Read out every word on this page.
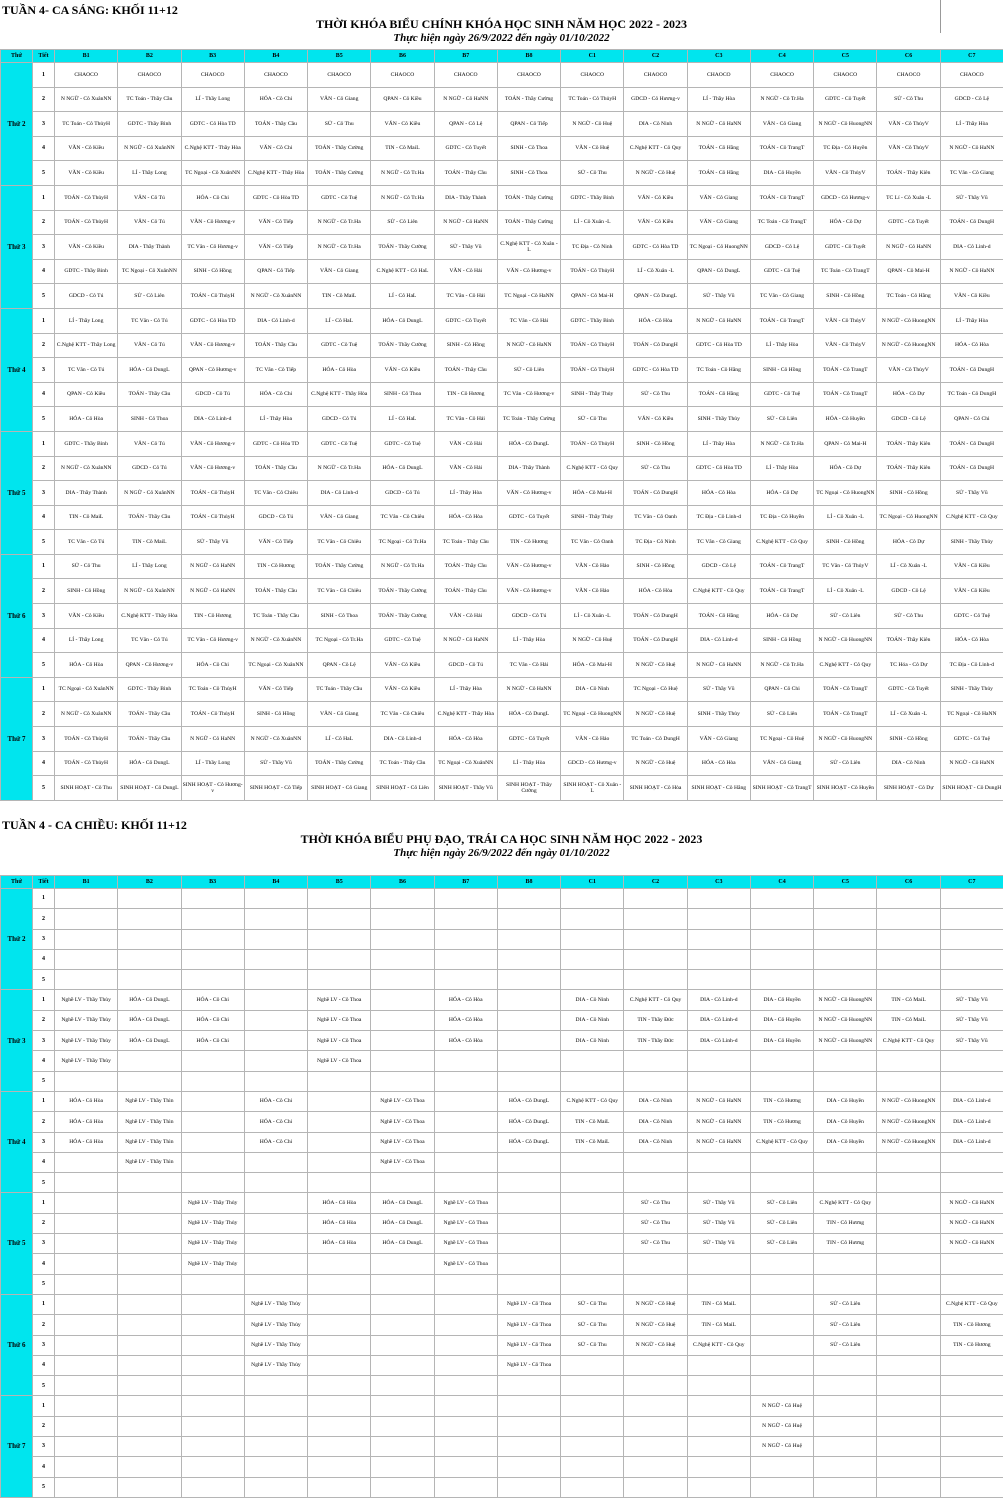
TUẦN 4- CA SÁNG: KHỐI 11+12
THỜI KHÓA BIỂU CHÍNH KHÓA HỌC SINH NĂM HỌC 2022 - 2023
Thực hiện ngày 26/9/2022 đến ngày 01/10/2022
Thứ	Tiết	B1	B2	B3	B4	B5	B6	B7	B8	C1	C2	C3	C4	C5	C6	C7
Thứ 2	1	CHAOCO	CHAOCO	CHAOCO	CHAOCO	CHAOCO	CHAOCO	CHAOCO	CHAOCO	CHAOCO	CHAOCO	CHAOCO	CHAOCO	CHAOCO	CHAOCO	CHAOCO
	2	N NGỮ - Cô XuânNN	TC Toán - Thầy Cầu	LÍ - Thầy Long	HÓA - Cô Chi	VĂN - Cô Giang	QPAN - Cô Kiều	N NGỮ - Cô HaNN	TOÁN - Thầy Cường	TC Toán - Cô ThủyH	GDCD - Cô Hương-v	LÍ - Thầy Hòa	N NGỮ - Cô Tr.Ha	GDTC - Cô Tuyết	SỬ - Cô Thu	GDCD - Cô Lệ
	3	TC Toán - Cô ThủyH	GDTC - Thầy Bình	GDTC - Cô Hòa TD	TOÁN - Thầy Cầu	SỬ - Cô Thu	VĂN - Cô Kiều	QPAN - Cô Lệ	QPAN - Cô Tiếp	N NGỮ - Cô Huệ	DIA - Cô Ninh	N NGỮ - Cô HaNN	VĂN - Cô Giang	N NGỮ - Cô HuongNN	VĂN - Cô ThủyV	LÍ - Thầy Hòa
	4	VĂN - Cô Kiều	N NGỮ - Cô XuânNN	C.Nghệ KTT - Thầy Hòa	VĂN - Cô Chi	TOÁN - Thầy Cường	TIN - Cô MaiL	GDTC - Cô Tuyết	SINH - Cô Thoa	VĂN - Cô Huệ	C.Nghệ KTT - Cô Quy	TOÁN - Cô Hằng	TOÁN - Cô TrangT	TC Địa - Cô Huyền	VĂN - Cô ThủyV	N NGỮ - Cô HaNN
	5	VĂN - Cô Kiều	LÍ - Thầy Long	TC Ngoại - Cô XuânNN	C.Nghệ KTT - Thầy Hòa	TOÁN - Thầy Cường	N NGỮ - Cô Tr.Ha	TOÁN - Thầy Cầu	SINH - Cô Thoa	SỬ - Cô Thu	N NGỮ - Cô Huệ	TOÁN - Cô Hằng	DIA - Cô Huyền	VĂN - Cô ThủyV	TOÁN - Thầy Kiên	TC Văn - Cô Giang
Thứ 3	1	TOÁN - Cô ThủyH	VĂN - Cô Tú	HÓA - Cô Chi	GDTC - Cô Hòa TD	GDTC - Cô Tuệ	N NGỮ - Cô Tr.Ha	DIA - Thầy Thành	TOÁN - Thầy Cường	GDTC - Thầy Bình	VĂN - Cô Kiều	VĂN - Cô Giang	TOÁN - Cô TrangT	GDCD - Cô Hương-v	TC Lí - Cô Xuân -L	SỬ - Thầy Vũ
	2	TOÁN - Cô ThủyH	VĂN - Cô Tú	VĂN - Cô Hương-v	VĂN - Cô Tiếp	N NGỮ - Cô Tr.Ha	SỬ - Cô Liên	N NGỮ - Cô HaNN	TOÁN - Thầy Cường	LÍ - Cô Xuân -L	VĂN - Cô Kiều	VĂN - Cô Giang	TC Toán - Cô TrangT	HÓA - Cô Dự	GDTC - Cô Tuyết	TOÁN - Cô DungH
	3	VĂN - Cô Kiều	DIA - Thầy Thành	TC Văn - Cô Hương-v	VĂN - Cô Tiếp	N NGỮ - Cô Tr.Ha	TOÁN - Thầy Cường	SỬ - Thầy Vũ	C.Nghệ KTT - Cô Xuân -L	TC Địa - Cô Ninh	GDTC - Cô Hòa TD	TC Ngoại - Cô HuongNN	GDCD - Cô Lệ	GDTC - Cô Tuyết	N NGỮ - Cô HaNN	DIA - Cô Linh-d
	4	GDTC - Thầy Bình	TC Ngoại - Cô XuânNN	SINH - Cô Hồng	QPAN - Cô Tiếp	VĂN - Cô Giang	C.Nghệ KTT - Cô HaL	VĂN - Cô Hải	VĂN - Cô Hương-v	TOÁN - Cô ThủyH	LÍ - Cô Xuân -L	QPAN - Cô DungL	GDTC - Cô Tuệ	TC Toán - Cô TrangT	QPAN - Cô Mai-H	N NGỮ - Cô HaNN
	5	GDCD - Cô Tú	SỬ - Cô Liên	TOÁN - Cô ThủyH	N NGỮ - Cô XuânNN	TIN - Cô MaiL	LÍ - Cô HaL	TC Văn - Cô Hải	TC Ngoại - Cô HaNN	QPAN - Cô Mai-H	QPAN - Cô DungL	SỬ - Thầy Vũ	TC Văn - Cô Giang	SINH - Cô Hồng	TC Toán - Cô Hằng	VĂN - Cô Kiều
Thứ 4	1	LÍ - Thầy Long	TC Văn - Cô Tú	GDTC - Cô Hòa TD	DIA - Cô Linh-d	LÍ - Cô HaL	HÓA - Cô DungL	GDTC - Cô Tuyết	TC Văn - Cô Hải	GDTC - Thầy Bình	HÓA - Cô Hòa	N NGỮ - Cô HaNN	TOÁN - Cô TrangT	VĂN - Cô ThủyV	N NGỮ - Cô HuongNN	LÍ - Thầy Hòa
	2	C.Nghệ KTT - Thầy Long	VĂN - Cô Tú	VĂN - Cô Hương-v	TOÁN - Thầy Cầu	GDTC - Cô Tuệ	TOÁN - Thầy Cường	SINH - Cô Hồng	N NGỮ - Cô HaNN	TOÁN - Cô ThủyH	TOÁN - Cô DungH	GDTC - Cô Hòa TD	LÍ - Thầy Hòa	VĂN - Cô ThủyV	N NGỮ - Cô HuongNN	HÓA - Cô Hòa
	3	TC Văn - Cô Tú	HÓA - Cô DungL	QPAN - Cô Hương-v	TC Văn - Cô Tiếp	HÓA - Cô Hòa	VĂN - Cô Kiều	TOÁN - Thầy Cầu	SỬ - Cô Liên	TOÁN - Cô ThủyH	GDTC - Cô Hòa TD	TC Toán - Cô Hằng	SINH - Cô Hồng	TOÁN - Cô TrangT	VĂN - Cô ThủyV	TOÁN - Cô DungH
	4	QPAN - Cô Kiều	TOÁN - Thầy Cầu	GDCD - Cô Tú	HÓA - Cô Chi	C.Nghệ KTT - Thầy Hòa	SINH - Cô Thoa	TIN - Cô Hương	TC Văn - Cô Hương-v	SINH - Thầy Thủy	SỬ - Cô Thu	TOÁN - Cô Hằng	GDTC - Cô Tuệ	TOÁN - Cô TrangT	HÓA - Cô Dự	TC Toán - Cô DungH
	5	HÓA - Cô Hòa	SINH - Cô Thoa	DIA - Cô Linh-d	LÍ - Thầy Hòa	GDCD - Cô Tú	LÍ - Cô HaL	TC Văn - Cô Hải	TC Toán - Thầy Cường	SỬ - Cô Thu	VĂN - Cô Kiều	SINH - Thầy Thủy	SỬ - Cô Liên	HÓA - Cô Huyền	GDCD - Cô Lệ	QPAN - Cô Chi
Thứ 5	1	GDTC - Thầy Bình	VĂN - Cô Tú	VĂN - Cô Hương-v	GDTC - Cô Hòa TD	GDTC - Cô Tuệ	GDTC - Cô Tuệ	VĂN - Cô Hải	HÓA - Cô DungL	TOÁN - Cô ThủyH	SINH - Cô Hồng	LÍ - Thầy Hòa	N NGỮ - Cô Tr.Ha	QPAN - Cô Mai-H	TOÁN - Thầy Kiên	TOÁN - Cô DungH
	2	N NGỮ - Cô XuânNN	GDCD - Cô Tú	VĂN - Cô Hương-v	TOÁN - Thầy Cầu	N NGỮ - Cô Tr.Ha	HÓA - Cô DungL	VĂN - Cô Hải	DIA - Thầy Thành	C.Nghệ KTT - Cô Quy	SỬ - Cô Thu	GDTC - Cô Hòa TD	LÍ - Thầy Hòa	HÓA - Cô Dự	TOÁN - Thầy Kiên	TOÁN - Cô DungH
	3	DIA - Thầy Thành	N NGỮ - Cô XuânNN	TOÁN - Cô ThủyH	TC Văn - Cô Chiêu	DIA - Cô Linh-d	GDCD - Cô Tú	LÍ - Thầy Hòa	VĂN - Cô Hương-v	HÓA - Cô Mai-H	TOÁN - Cô DungH	HÓA - Cô Hòa	HÓA - Cô Dự	TC Ngoại - Cô HuongNN	SINH - Cô Hồng	SỬ - Thầy Vũ
	4	TIN - Cô MaiL	TOÁN - Thầy Cầu	TOÁN - Cô ThủyH	GDCD - Cô Tú	VĂN - Cô Giang	TC Văn - Cô Chiêu	HÓA - Cô Hòa	GDTC - Cô Tuyết	SINH - Thầy Thủy	TC Văn - Cô Oanh	TC Địa - Cô Linh-d	TC Địa - Cô Huyền	LÍ - Cô Xuân -L	TC Ngoại - Cô HuongNN	C.Nghệ KTT - Cô Quy
	5	TC Văn - Cô Tú	TIN - Cô MaiL	SỬ - Thầy Vũ	VĂN - Cô Tiếp	TC Văn - Cô Chiêu	TC Ngoại - Cô Tr.Ha	TC Toán - Thầy Cầu	TIN - Cô Hương	TC Văn - Cô Oanh	TC Địa - Cô Ninh	TC Văn - Cô Giang	C.Nghệ KTT - Cô Quy	SINH - Cô Hồng	HÓA - Cô Dự	SINH - Thầy Thủy
Thứ 6	1	SỬ - Cô Thu	LÍ - Thầy Long	N NGỮ - Cô HaNN	TIN - Cô Hương	TOÁN - Thầy Cường	N NGỮ - Cô Tr.Ha	TOÁN - Thầy Cầu	VĂN - Cô Hương-v	VĂN - Cô Hảo	SINH - Cô Hồng	GDCD - Cô Lệ	TOÁN - Cô TrangT	TC Văn - Cô ThủyV	LÍ - Cô Xuân -L	VĂN - Cô Kiều
	2	SINH - Cô Hồng	N NGỮ - Cô XuânNN	N NGỮ - Cô HaNN	TOÁN - Thầy Cầu	TC Văn - Cô Chiêu	TOÁN - Thầy Cường	TOÁN - Thầy Cầu	VĂN - Cô Hương-v	VĂN - Cô Hảo	HÓA - Cô Hòa	C.Nghệ KTT - Cô Quy	TOÁN - Cô TrangT	LÍ - Cô Xuân -L	GDCD - Cô Lệ	VĂN - Cô Kiều
	3	VĂN - Cô Kiều	C.Nghệ KTT - Thầy Hòa	TIN - Cô Hương	TC Toán - Thầy Cầu	SINH - Cô Thoa	TOÁN - Thầy Cường	VĂN - Cô Hải	GDCD - Cô Tú	LÍ - Cô Xuân -L	TOÁN - Cô DungH	TOÁN - Cô Hằng	HÓA - Cô Dự	SỬ - Cô Liên	SỬ - Cô Thu	GDTC - Cô Tuệ
	4	LÍ - Thầy Long	TC Văn - Cô Tú	TC Văn - Cô Hương-v	N NGỮ - Cô XuânNN	TC Ngoại - Cô Tr.Ha	GDTC - Cô Tuệ	N NGỮ - Cô HaNN	LÍ - Thầy Hòa	N NGỮ - Cô Huệ	TOÁN - Cô DungH	DIA - Cô Linh-d	SINH - Cô Hồng	N NGỮ - Cô HuongNN	TOÁN - Thầy Kiên	HÓA - Cô Hòa
	5	HÓA - Cô Hòa	QPAN - Cô Hương-v	HÓA - Cô Chi	TC Ngoại - Cô XuânNN	QPAN - Cô Lệ	VĂN - Cô Kiều	GDCD - Cô Tú	TC Văn - Cô Hải	HÓA - Cô Mai-H	N NGỮ - Cô Huệ	N NGỮ - Cô HaNN	N NGỮ - Cô Tr.Ha	C.Nghệ KTT - Cô Quy	TC Hóa - Cô Dự	TC Địa - Cô Linh-d
Thứ 7	1	TC Ngoại - Cô XuânNN	GDTC - Thầy Bình	TC Toán - Cô ThủyH	VĂN - Cô Tiếp	TC Toán - Thầy Cầu	VĂN - Cô Kiều	LÍ - Thầy Hòa	N NGỮ - Cô HaNN	DIA - Cô Ninh	TC Ngoại - Cô Huệ	SỬ - Thầy Vũ	QPAN - Cô Chi	TOÁN - Cô TrangT	GDTC - Cô Tuyết	SINH - Thầy Thủy
	2	N NGỮ - Cô XuânNN	TOÁN - Thầy Cầu	TOÁN - Cô ThủyH	SINH - Cô Hồng	VĂN - Cô Giang	TC Văn - Cô Chiêu	C.Nghệ KTT - Thầy Hòa	HÓA - Cô DungL	TC Ngoại - Cô HuongNN	N NGỮ - Cô Huệ	SINH - Thầy Thủy	SỬ - Cô Liên	TOÁN - Cô TrangT	LÍ - Cô Xuân -L	TC Ngoại - Cô HaNN
	3	TOÁN - Cô ThủyH	TOÁN - Thầy Cầu	N NGỮ - Cô HaNN	N NGỮ - Cô XuânNN	LÍ - Cô HaL	DIA - Cô Linh-d	HÓA - Cô Hòa	GDTC - Cô Tuyết	VĂN - Cô Hảo	TC Toán - Cô DungH	VĂN - Cô Giang	TC Ngoại - Cô Huệ	N NGỮ - Cô HuongNN	SINH - Cô Hồng	GDTC - Cô Tuệ
	4	TOÁN - Cô ThủyH	HÓA - Cô DungL	LÍ - Thầy Long	SỬ - Thầy Vũ	TOÁN - Thầy Cường	TC Toán - Thầy Cầu	TC Ngoại - Cô XuânNN	LÍ - Thầy Hòa	GDCD - Cô Hương-v	N NGỮ - Cô Huệ	HÓA - Cô Hòa	VĂN - Cô Giang	SỬ - Cô Liên	DIA - Cô Ninh	N NGỮ - Cô HaNN
	5	SINH HOẠT - Cô Thu	SINH HOẠT - Cô DungL	SINH HOẠT - Cô Hương-v	SINH HOẠT - Cô Tiếp	SINH HOẠT - Cô Giang	SINH HOẠT - Cô Liên	SINH HOẠT - Thầy Vũ	SINH HOẠT - Thầy Cường	SINH HOẠT - Cô Xuân -L	SINH HOẠT - Cô Hòa	SINH HOẠT - Cô Hằng	SINH HOẠT - Cô TrangT	SINH HOẠT - Cô Huyền	SINH HOẠT - Cô Dự	SINH HOẠT - Cô DungH
TUẦN 4 - CA CHIỀU: KHỐI 11+12
THỜI KHÓA BIỂU PHỤ ĐẠO, TRÁI CA HỌC SINH NĂM HỌC 2022 - 2023
Thực hiện ngày 26/9/2022 đến ngày 01/10/2022
Thứ	Tiết	B1	B2	B3	B4	B5	B6	B7	B8	C1	C2	C3	C4	C5	C6	C7
Thứ 2	1															
	2															
	3															
	4															
	5															
Thứ 3	1	Nghề LV - Thầy Thủy	HÓA - Cô DungL	HÓA - Cô Chi		Nghề LV - Cô Thoa		HÓA - Cô Hòa		DIA - Cô Ninh	C.Nghệ KTT - Cô Quy	DIA - Cô Linh-d	DIA - Cô Huyền	N NGỮ - Cô HuongNN	TIN - Cô MaiL	SỬ - Thầy Vũ
	2	Nghề LV - Thầy Thủy	HÓA - Cô DungL	HÓA - Cô Chi		Nghề LV - Cô Thoa		HÓA - Cô Hòa		DIA - Cô Ninh	TIN - Thầy Đức	DIA - Cô Linh-d	DIA - Cô Huyền	N NGỮ - Cô HuongNN	TIN - Cô MaiL	SỬ - Thầy Vũ
	3	Nghề LV - Thầy Thủy	HÓA - Cô DungL	HÓA - Cô Chi		Nghề LV - Cô Thoa		HÓA - Cô Hòa		DIA - Cô Ninh	TIN - Thầy Đức	DIA - Cô Linh-d	DIA - Cô Huyền	N NGỮ - Cô HuongNN	C.Nghệ KTT - Cô Quy	SỬ - Thầy Vũ
	4	Nghề LV - Thầy Thủy				Nghề LV - Cô Thoa										
	5															
Thứ 4	1	HÓA - Cô Hòa	Nghề LV - Thầy Thìn		HÓA - Cô Chi		Nghề LV - Cô Thoa		HÓA - Cô DungL	C.Nghệ KTT - Cô Quy	DIA - Cô Ninh	N NGỮ - Cô HaNN	TIN - Cô Hương	DIA - Cô Huyền	N NGỮ - Cô HuongNN	DIA - Cô Linh-d
	2	HÓA - Cô Hòa	Nghề LV - Thầy Thìn		HÓA - Cô Chi		Nghề LV - Cô Thoa		HÓA - Cô DungL	TIN - Cô MaiL	DIA - Cô Ninh	N NGỮ - Cô HaNN	TIN - Cô Hương	DIA - Cô Huyền	N NGỮ - Cô HuongNN	DIA - Cô Linh-d
	3	HÓA - Cô Hòa	Nghề LV - Thầy Thìn		HÓA - Cô Chi		Nghề LV - Cô Thoa		HÓA - Cô DungL	TIN - Cô MaiL	DIA - Cô Ninh	N NGỮ - Cô HaNN	C.Nghệ KTT - Cô Quy	DIA - Cô Huyền	N NGỮ - Cô HuongNN	DIA - Cô Linh-d
	4		Nghề LV - Thầy Thìn				Nghề LV - Cô Thoa									
	5															
Thứ 5	1			Nghề LV - Thầy Thủy		HÓA - Cô Hòa	HÓA - Cô DungL	Nghề LV - Cô Thoa			SỬ - Cô Thu	SỬ - Thầy Vũ	SỬ - Cô Liên	C.Nghệ KTT - Cô Quy		N NGỮ - Cô HaNN
	2			Nghề LV - Thầy Thủy		HÓA - Cô Hòa	HÓA - Cô DungL	Nghề LV - Cô Thoa			SỬ - Cô Thu	SỬ - Thầy Vũ	SỬ - Cô Liên	TIN - Cô Hương		N NGỮ - Cô HaNN
	3			Nghề LV - Thầy Thủy		HÓA - Cô Hòa	HÓA - Cô DungL	Nghề LV - Cô Thoa			SỬ - Cô Thu	SỬ - Thầy Vũ	SỬ - Cô Liên	TIN - Cô Hương		N NGỮ - Cô HaNN
	4			Nghề LV - Thầy Thủy				Nghề LV - Cô Thoa								
	5															
Thứ 6	1				Nghề LV - Thầy Thủy				Nghề LV - Cô Thoa	SỬ - Cô Thu	N NGỮ - Cô Huệ	TIN - Cô MaiL		SỬ - Cô Liên		C.Nghệ KTT - Cô Quy
	2				Nghề LV - Thầy Thủy				Nghề LV - Cô Thoa	SỬ - Cô Thu	N NGỮ - Cô Huệ	TIN - Cô MaiL		SỬ - Cô Liên		TIN - Cô Hương
	3				Nghề LV - Thầy Thủy				Nghề LV - Cô Thoa	SỬ - Cô Thu	N NGỮ - Cô Huệ	C.Nghệ KTT - Cô Quy		SỬ - Cô Liên		TIN - Cô Hương
	4				Nghề LV - Thầy Thủy				Nghề LV - Cô Thoa							
	5															
Thứ 7	1												N NGỮ - Cô Huệ			
	2												N NGỮ - Cô Huệ			
	3												N NGỮ - Cô Huệ			
	4															
	5															
